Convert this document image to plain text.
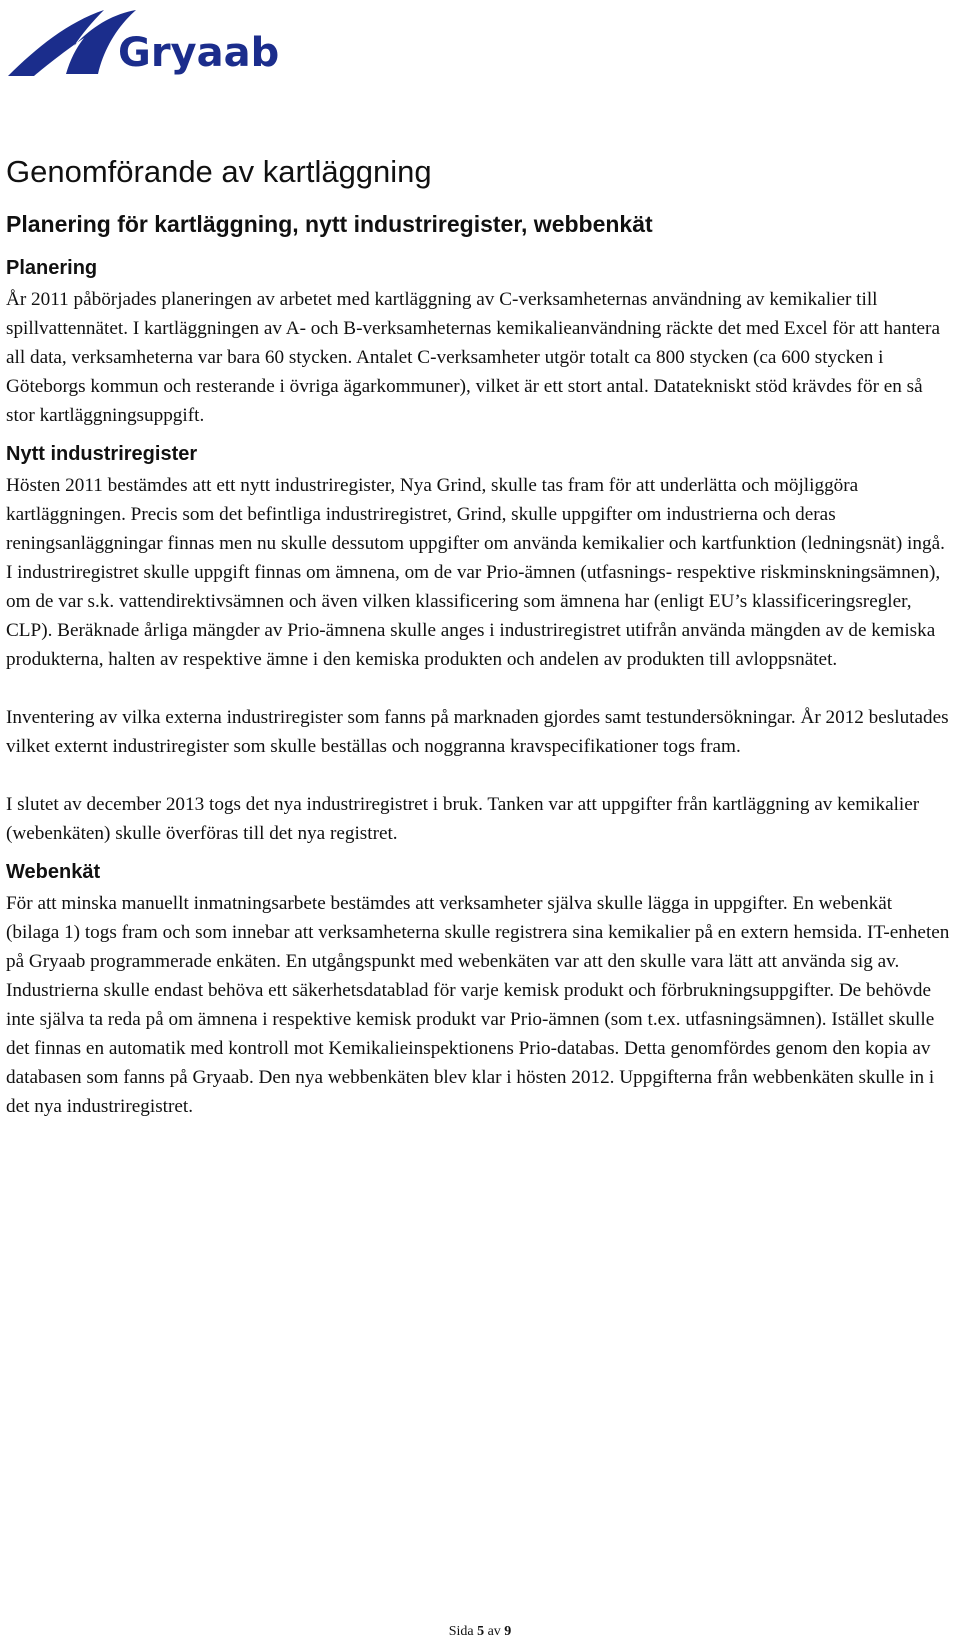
Gryaab
Genomförande av kartläggning
Planering för kartläggning, nytt industriregister, webbenkät
Planering

År 2011 påbörjades planeringen av arbetet med kartläggning av C-verksamheternas användning av kemikalier till spillvattennätet. I kartläggningen av A- och B-verksamheternas kemikalieanvändning räckte det med Excel för att hantera all data, verksamheterna var bara 60 stycken. Antalet C-verksamheter utgör totalt ca 800 stycken (ca 600 stycken i Göteborgs kommun och resterande i övriga ägarkommuner), vilket är ett stort antal. Datatekniskt stöd krävdes för en så stor kartläggningsuppgift.

Nytt industriregister

Hösten 2011 bestämdes att ett nytt industriregister, Nya Grind, skulle tas fram för att underlätta och möjliggöra kartläggningen. Precis som det befintliga industriregistret, Grind, skulle uppgifter om industrierna och deras reningsanläggningar finnas men nu skulle dessutom uppgifter om använda kemikalier och kartfunktion (ledningsnät) ingå. I industriregistret skulle uppgift finnas om ämnena, om de var Prio-ämnen (utfasnings- respektive riskminskningsämnen), om de var s.k. vattendirektivsämnen och även vilken klassificering som ämnena har (enligt EU’s klassificeringsregler, CLP). Beräknade årliga mängder av Prio-ämnena skulle anges i industriregistret utifrån använda mängden av de kemiska produkterna, halten av respektive ämne i den kemiska produkten och andelen av produkten till avloppsnätet.

Inventering av vilka externa industriregister som fanns på marknaden gjordes samt testundersökningar. År 2012 beslutades vilket externt industriregister som skulle beställas och noggranna kravspecifikationer togs fram.

I slutet av december 2013 togs det nya industriregistret i bruk. Tanken var att uppgifter från kartläggning av kemikalier (webenkäten) skulle överföras till det nya registret.

Webenkät

För att minska manuellt inmatningsarbete bestämdes att verksamheter själva skulle lägga in uppgifter. En webenkät (bilaga 1) togs fram och som innebar att verksamheterna skulle registrera sina kemikalier på en extern hemsida. IT-enheten på Gryaab programmerade enkäten. En utgångspunkt med webenkäten var att den skulle vara lätt att använda sig av. Industrierna skulle endast behöva ett säkerhetsdatablad för varje kemisk produkt och förbrukningsuppgifter. De behövde inte själva ta reda på om ämnena i respektive kemisk produkt var Prio-ämnen (som t.ex. utfasningsämnen). Istället skulle det finnas en automatik med kontroll mot Kemikalieinspektionens Prio-databas. Detta genomfördes genom den kopia av databasen som fanns på Gryaab. Den nya webbenkäten blev klar i hösten 2012. Uppgifterna från webbenkäten skulle in i det nya industriregistret.

Sida 5 av 9
